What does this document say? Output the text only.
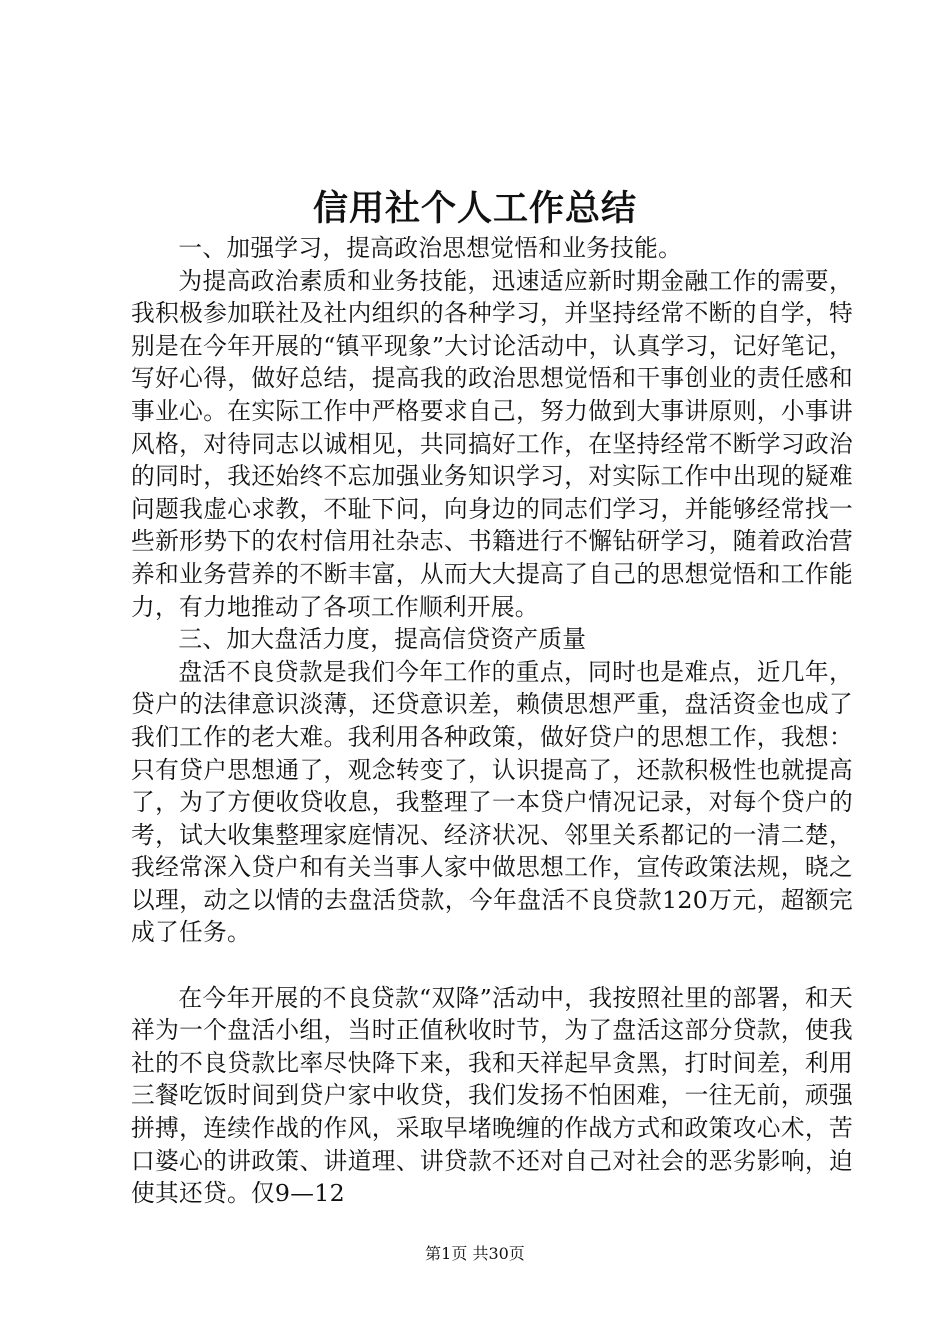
信用社个人工作总结

一、加强学习，提高政治思想觉悟和业务技能。

为提高政治素质和业务技能，迅速适应新时期金融工作的需要，我积极参加联社及社内组织的各种学习，并坚持经常不断的自学，特别是在今年开展的“镇平现象”大讨论活动中，认真学习，记好笔记，写好心得，做好总结，提高我的政治思想觉悟和干事创业的责任感和事业心。在实际工作中严格要求自己，努力做到大事讲原则，小事讲风格，对待同志以诚相见，共同搞好工作，在坚持经常不断学习政治的同时，我还始终不忘加强业务知识学习，对实际工作中出现的疑难问题我虚心求教，不耻下问，向身边的同志们学习，并能够经常找一些新形势下的农村信用社杂志、书籍进行不懈钻研学习，随着政治营养和业务营养的不断丰富，从而大大提高了自己的思想觉悟和工作能力，有力地推动了各项工作顺利开展。

三、加大盘活力度，提高信贷资产质量

盘活不良贷款是我们今年工作的重点，同时也是难点，近几年，贷户的法律意识淡薄，还贷意识差，赖债思想严重，盘活资金也成了我们工作的老大难。我利用各种政策，做好贷户的思想工作，我想：只有贷户思想通了，观念转变了，认识提高了，还款积极性也就提高了，为了方便收贷收息，我整理了一本贷户情况记录，对每个贷户的考，试大收集整理家庭情况、经济状况、邻里关系都记的一清二楚，我经常深入贷户和有关当事人家中做思想工作，宣传政策法规，晓之以理，动之以情的去盘活贷款，今年盘活不良贷款120万元，超额完成了任务。

在今年开展的不良贷款“双降”活动中，我按照社里的部署，和天祥为一个盘活小组，当时正值秋收时节，为了盘活这部分贷款，使我社的不良贷款比率尽快降下来，我和天祥起早贪黑，打时间差，利用三餐吃饭时间到贷户家中收贷，我们发扬不怕困难，一往无前，顽强拼搏，连续作战的作风，采取早堵晚缠的作战方式和政策攻心术，苦口婆心的讲政策、讲道理、讲贷款不还对自己对社会的恶劣影响，迫使其还贷。仅9—12

第1页 共30页
